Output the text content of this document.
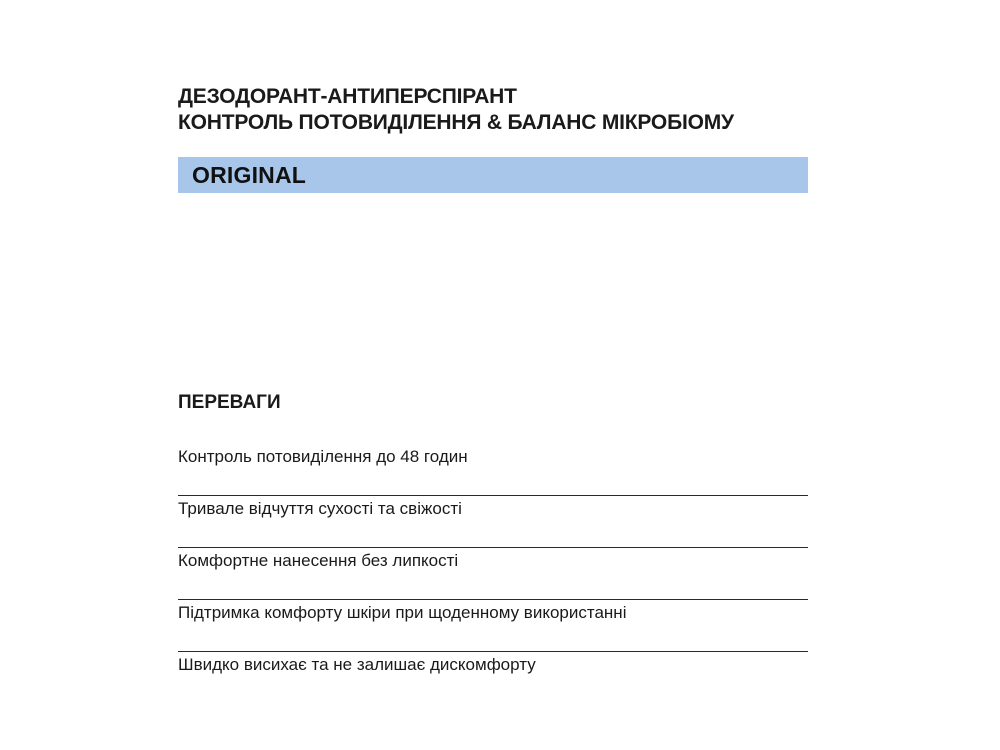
ДЕЗОДОРАНТ-АНТИПЕРСПІРАНТ
КОНТРОЛЬ ПОТОВИДІЛЕННЯ & БАЛАНС МІКРОБІОМУ
ORIGINAL
ПЕРЕВАГИ
Контроль потовиділення до 48 годин
Тривале відчуття сухості та свіжості
Комфортне нанесення без липкості
Підтримка комфорту шкіри при щоденному використанні
Швидко висихає та не залишає дискомфорту
